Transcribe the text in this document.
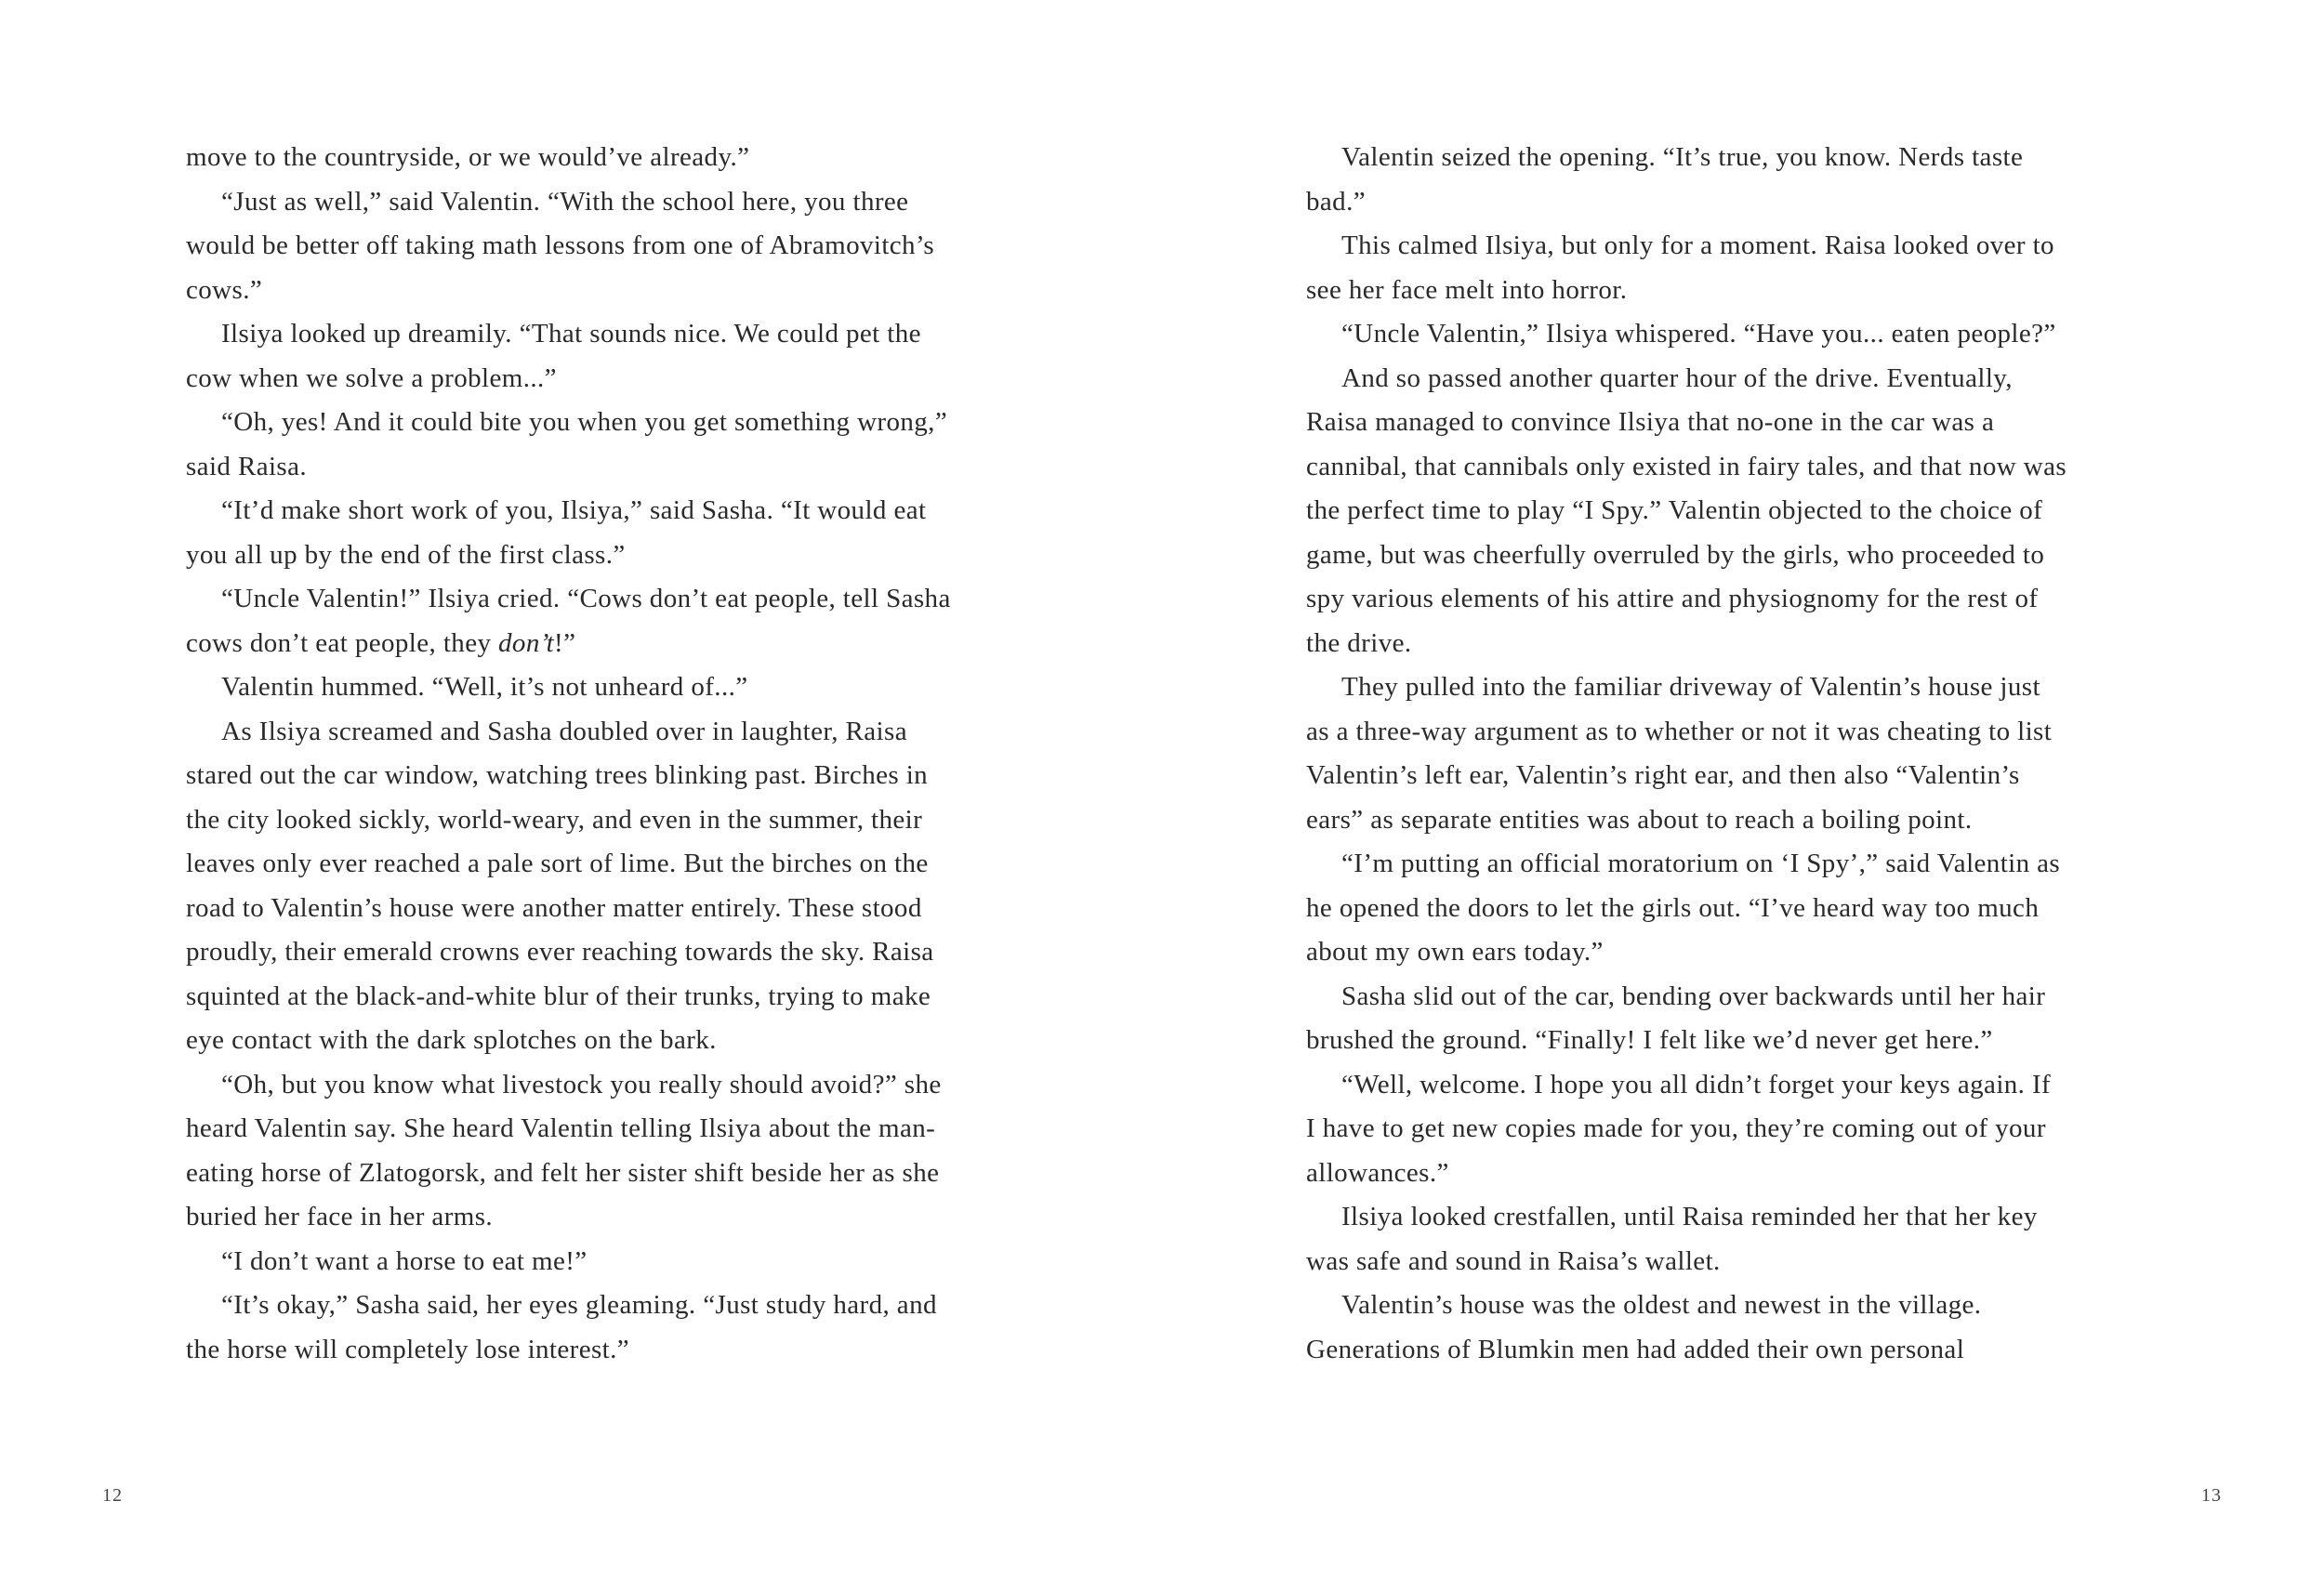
move to the countryside, or we would’ve already.”
“Just as well,” said Valentin. “With the school here, you three
would be better off taking math lessons from one of Abramovitch’s
cows.”
Ilsiya looked up dreamily. “That sounds nice. We could pet the
cow when we solve a problem...”
“Oh, yes! And it could bite you when you get something wrong,”
said Raisa.
“It’d make short work of you, Ilsiya,” said Sasha. “It would eat
you all up by the end of the first class.”
“Uncle Valentin!” Ilsiya cried. “Cows don’t eat people, tell Sasha
cows don’t eat people, they don’t!”
Valentin hummed. “Well, it’s not unheard of...”
As Ilsiya screamed and Sasha doubled over in laughter, Raisa
stared out the car window, watching trees blinking past. Birches in
the city looked sickly, world-weary, and even in the summer, their
leaves only ever reached a pale sort of lime. But the birches on the
road to Valentin’s house were another matter entirely. These stood
proudly, their emerald crowns ever reaching towards the sky. Raisa
squinted at the black-and-white blur of their trunks, trying to make
eye contact with the dark splotches on the bark.
“Oh, but you know what livestock you really should avoid?” she
heard Valentin say. She heard Valentin telling Ilsiya about the man-
eating horse of Zlatogorsk, and felt her sister shift beside her as she
buried her face in her arms.
“I don’t want a horse to eat me!”
“It’s okay,” Sasha said, her eyes gleaming. “Just study hard, and
the horse will completely lose interest.”
12
Valentin seized the opening. “It’s true, you know. Nerds taste
bad.”
This calmed Ilsiya, but only for a moment. Raisa looked over to
see her face melt into horror.
“Uncle Valentin,” Ilsiya whispered. “Have you... eaten people?”
And so passed another quarter hour of the drive. Eventually,
Raisa managed to convince Ilsiya that no-one in the car was a
cannibal, that cannibals only existed in fairy tales, and that now was
the perfect time to play “I Spy.” Valentin objected to the choice of
game, but was cheerfully overruled by the girls, who proceeded to
spy various elements of his attire and physiognomy for the rest of
the drive.
They pulled into the familiar driveway of Valentin’s house just
as a three-way argument as to whether or not it was cheating to list
Valentin’s left ear, Valentin’s right ear, and then also “Valentin’s
ears” as separate entities was about to reach a boiling point.
“I’m putting an official moratorium on ‘I Spy’,” said Valentin as
he opened the doors to let the girls out. “I’ve heard way too much
about my own ears today.”
Sasha slid out of the car, bending over backwards until her hair
brushed the ground. “Finally! I felt like we’d never get here.”
“Well, welcome. I hope you all didn’t forget your keys again. If
I have to get new copies made for you, they’re coming out of your
allowances.”
Ilsiya looked crestfallen, until Raisa reminded her that her key
was safe and sound in Raisa’s wallet.
Valentin’s house was the oldest and newest in the village.
Generations of Blumkin men had added their own personal
13
